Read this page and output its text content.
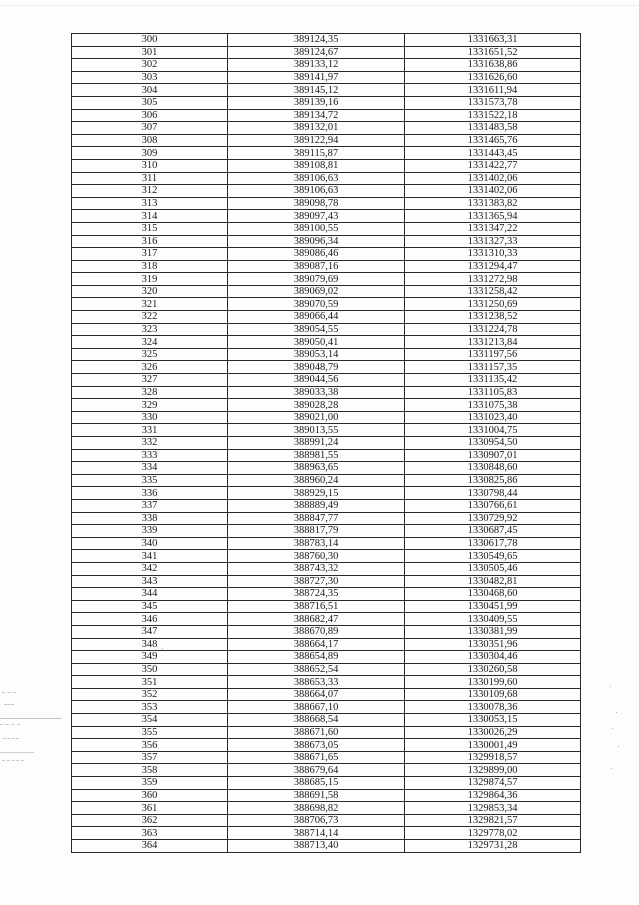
300	389124,35	1331663,31
301	389124,67	1331651,52
302	389133,12	1331638,86
303	389141,97	1331626,60
304	389145,12	1331611,94
305	389139,16	1331573,78
306	389134,72	1331522,18
307	389132,01	1331483,58
308	389122,94	1331465,76
309	389115,87	1331443,45
310	389108,81	1331422,77
311	389106,63	1331402,06
312	389106,63	1331402,06
313	389098,78	1331383,82
314	389097,43	1331365,94
315	389100,55	1331347,22
316	389096,34	1331327,33
317	389086,46	1331310,33
318	389087,16	1331294,47
319	389079,69	1331272,98
320	389069,02	1331258,42
321	389070,59	1331250,69
322	389066,44	1331238,52
323	389054,55	1331224,78
324	389050,41	1331213,84
325	389053,14	1331197,56
326	389048,79	1331157,35
327	389044,56	1331135,42
328	389033,38	1331105,83
329	389028,28	1331075,38
330	389021,00	1331023,40
331	389013,55	1331004,75
332	388991,24	1330954,50
333	388981,55	1330907,01
334	388963,65	1330848,60
335	388960,24	1330825,86
336	388929,15	1330798,44
337	388889,49	1330766,61
338	388847,77	1330729,92
339	388817,79	1330687,45
340	388783,14	1330617,78
341	388760,30	1330549,65
342	388743,32	1330505,46
343	388727,30	1330482,81
344	388724,35	1330468,60
345	388716,51	1330451,99
346	388682,47	1330409,55
347	388670,89	1330381,99
348	388664,17	1330351,96
349	388654,89	1330304,46
350	388652,54	1330260,58
351	388653,33	1330199,60
352	388664,07	1330109,68
353	388667,10	1330078,36
354	388668,54	1330053,15
355	388671,60	1330026,29
356	388673,05	1330001,49
357	388671,65	1329918,57
358	388679,64	1329899,00
359	388685,15	1329874,57
360	388691,58	1329864,36
361	388698,82	1329853,34
362	388706,73	1329821,57
363	388714,14	1329778,02
364	388713,40	1329731,28
